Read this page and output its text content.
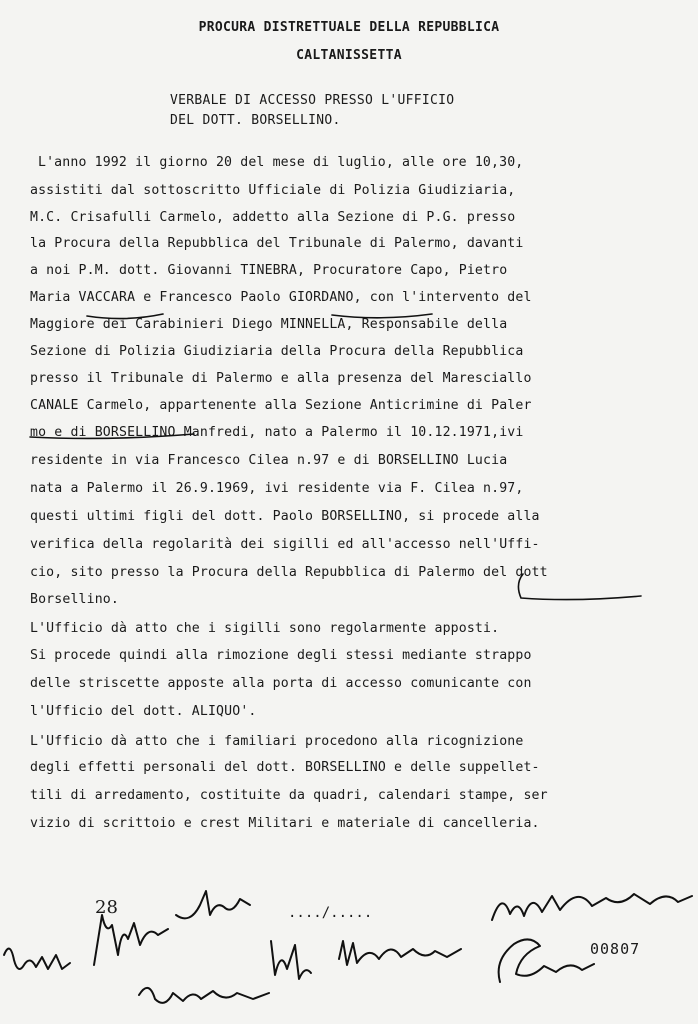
PROCURA DISTRETTUALE DELLA REPUBBLICA
CALTANISSETTA
VERBALE DI ACCESSO PRESSO L'UFFICIO
DEL DOTT. BORSELLINO.
L'anno 1992 il giorno 20 del mese di luglio, alle ore 10,30,
assistiti dal sottoscritto Ufficiale di Polizia Giudiziaria,
M.C. Crisafulli Carmelo, addetto alla Sezione di P.G. presso
la Procura della Repubblica del Tribunale di Palermo, davanti
a noi P.M. dott. Giovanni TINEBRA, Procuratore Capo, Pietro
Maria VACCARA e Francesco Paolo GIORDANO, con l'intervento del
Maggiore dei Carabinieri Diego MINNELLA, Responsabile della
Sezione di Polizia Giudiziaria della Procura della Repubblica
presso il Tribunale di Palermo e alla presenza del Maresciallo
CANALE Carmelo, appartenente alla Sezione Anticrimine di Paler
mo e di BORSELLINO Manfredi, nato a Palermo il 10.12.1971,ivi
residente in via Francesco Cilea n.97 e di BORSELLINO Lucia
nata a Palermo il 26.9.1969, ivi residente via F. Cilea n.97,
questi ultimi figli del dott. Paolo BORSELLINO, si procede alla
verifica della regolarità dei sigilli ed all'accesso nell'Uffi-
cio, sito presso la Procura della Repubblica di Palermo del dott
Borsellino.
L'Ufficio dà atto che i sigilli sono regolarmente apposti.
Si procede quindi alla rimozione degli stessi mediante strappo
delle striscette apposte alla porta di accesso comunicante con
l'Ufficio del dott. ALIQUO'.
L'Ufficio dà atto che i familiari procedono alla ricognizione
degli effetti personali del dott. BORSELLINO e delle suppellet-
tili di arredamento, costituite da quadri, calendari stampe, ser
vizio di scrittoio e crest Militari e materiale di cancelleria.
28	..../.....
00807
